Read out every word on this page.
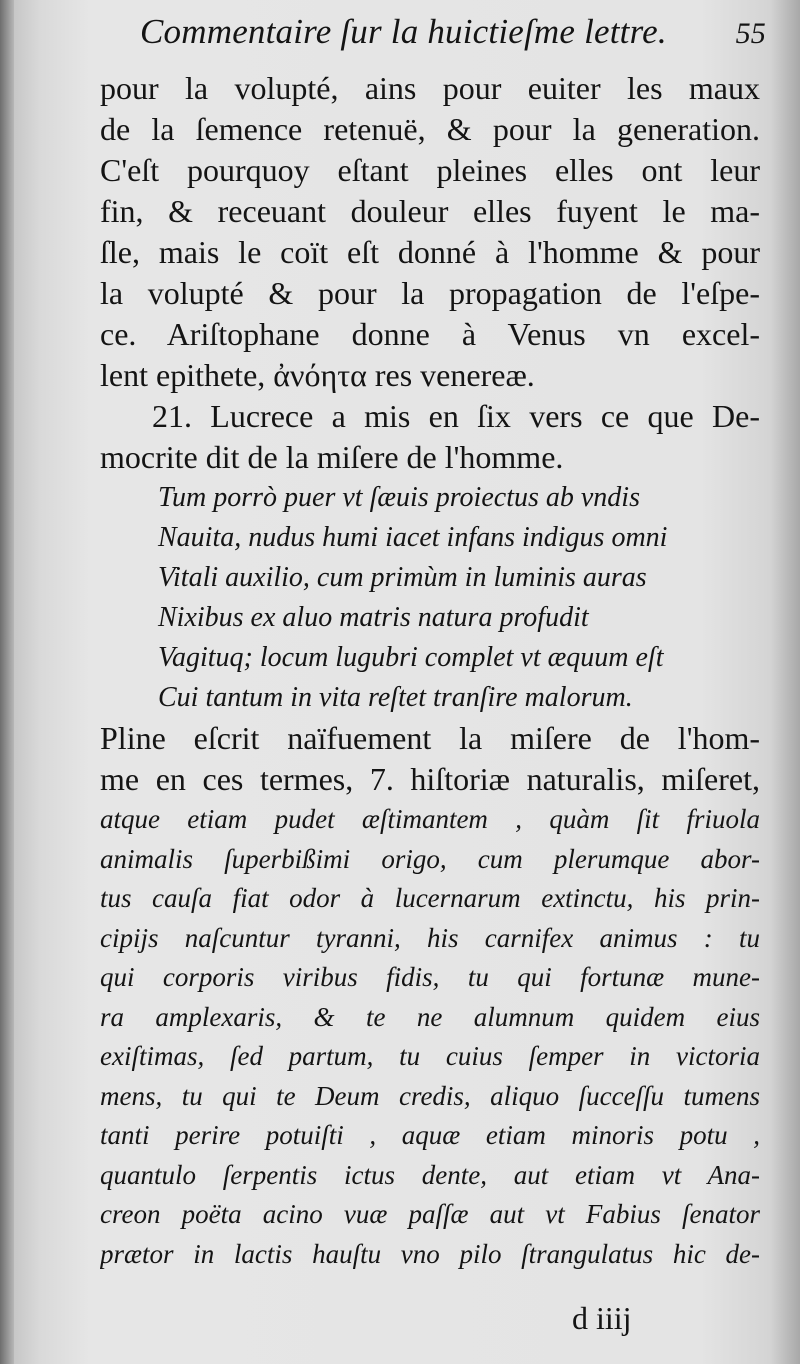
Commentaire ſur la huictieſme lettre. 55
pour la volupté, ains pour euiter les maux
de la ſemence retenuë, & pour la generation.
C'eſt pourquoy eſtant pleines elles ont leur
fin, & receuant douleur elles fuyent le ma-
ſle, mais le coït eſt donné à l'homme & pour
la volupté & pour la propagation de l'eſpe-
ce. Ariſtophane donne à Venus vn excel-
lent epithete, ἀνόητα res venereæ.
21. Lucrece a mis en ſix vers ce que De-
mocrite dit de la miſere de l'homme.
Tum porrò puer vt ſæuis proiectus ab vndis
Nauita, nudus humi iacet infans indigus omni
Vitali auxilio, cum primùm in luminis auras
Nixibus ex aluo matris natura profudit
Vagituq; locum lugubri complet vt æquum eſt
Cui tantum in vita reſtet tranſire malorum.
Pline eſcrit naïfuement la miſere de l'hom-
me en ces termes, 7. hiſtoriæ naturalis, miſeret,
atque etiam pudet æſtimantem , quàm ſit friuola
animalis ſuperbißimi origo, cum plerumque abor-
tus cauſa fiat odor à lucernarum extinctu, his prin-
cipijs naſcuntur tyranni, his carnifex animus : tu
qui corporis viribus fidis, tu qui fortunæ mune-
ra amplexaris, & te ne alumnum quidem eius
exiſtimas, ſed partum, tu cuius ſemper in victoria
mens, tu qui te Deum credis, aliquo ſucceſſu tumens
tanti perire potuiſti , aquæ etiam minoris potu ,
quantulo ſerpentis ictus dente, aut etiam vt Ana-
creon poëta acino vuæ paſſæ aut vt Fabius ſenator
prætor in lactis hauſtu vno pilo ſtrangulatus hic de-
d iiij
